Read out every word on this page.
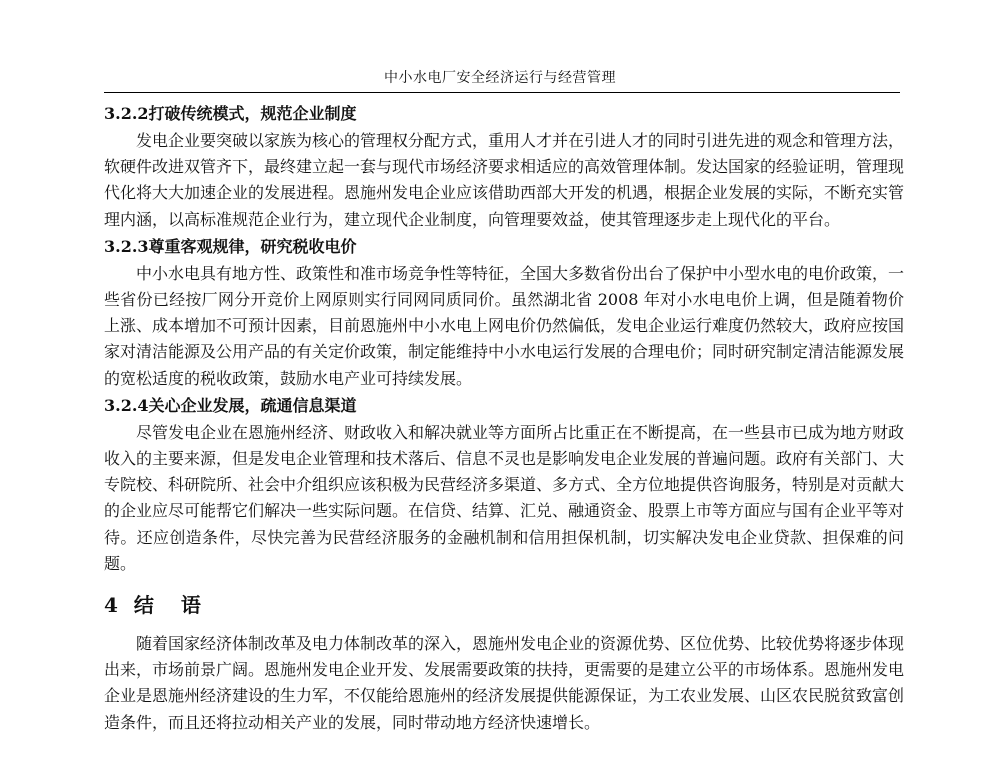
中小水电厂安全经济运行与经营管理
3.2.2打破传统模式，规范企业制度

发电企业要突破以家族为核心的管理权分配方式，重用人才并在引进人才的同时引进先进的观念和管理方法，软硬件改进双管齐下，最终建立起一套与现代市场经济要求相适应的高效管理体制。发达国家的经验证明，管理现代化将大大加速企业的发展进程。恩施州发电企业应该借助西部大开发的机遇，根据企业发展的实际，不断充实管理内涵，以高标准规范企业行为，建立现代企业制度，向管理要效益，使其管理逐步走上现代化的平台。

3.2.3尊重客观规律，研究税收电价

中小水电具有地方性、政策性和准市场竞争性等特征，全国大多数省份出台了保护中小型水电的电价政策，一些省份已经按厂网分开竞价上网原则实行同网同质同价。虽然湖北省 2008 年对小水电电价上调，但是随着物价上涨、成本增加不可预计因素，目前恩施州中小水电上网电价仍然偏低，发电企业运行难度仍然较大，政府应按国家对清洁能源及公用产品的有关定价政策，制定能维持中小水电运行发展的合理电价；同时研究制定清洁能源发展的宽松适度的税收政策，鼓励水电产业可持续发展。

3.2.4关心企业发展，疏通信息渠道

尽管发电企业在恩施州经济、财政收入和解决就业等方面所占比重正在不断提高，在一些县市已成为地方财政收入的主要来源，但是发电企业管理和技术落后、信息不灵也是影响发电企业发展的普遍问题。政府有关部门、大专院校、科研院所、社会中介组织应该积极为民营经济多渠道、多方式、全方位地提供咨询服务，特别是对贡献大的企业应尽可能帮它们解决一些实际问题。在信贷、结算、汇兑、融通资金、股票上市等方面应与国有企业平等对待。还应创造条件，尽快完善为民营经济服务的金融机制和信用担保机制，切实解决发电企业贷款、担保难的问题。

4 结 语

随着国家经济体制改革及电力体制改革的深入，恩施州发电企业的资源优势、区位优势、比较优势将逐步体现出来，市场前景广阔。恩施州发电企业开发、发展需要政策的扶持，更需要的是建立公平的市场体系。恩施州发电企业是恩施州经济建设的生力军，不仅能给恩施州的经济发展提供能源保证，为工农业发展、山区农民脱贫致富创造条件，而且还将拉动相关产业的发展，同时带动地方经济快速增长。
